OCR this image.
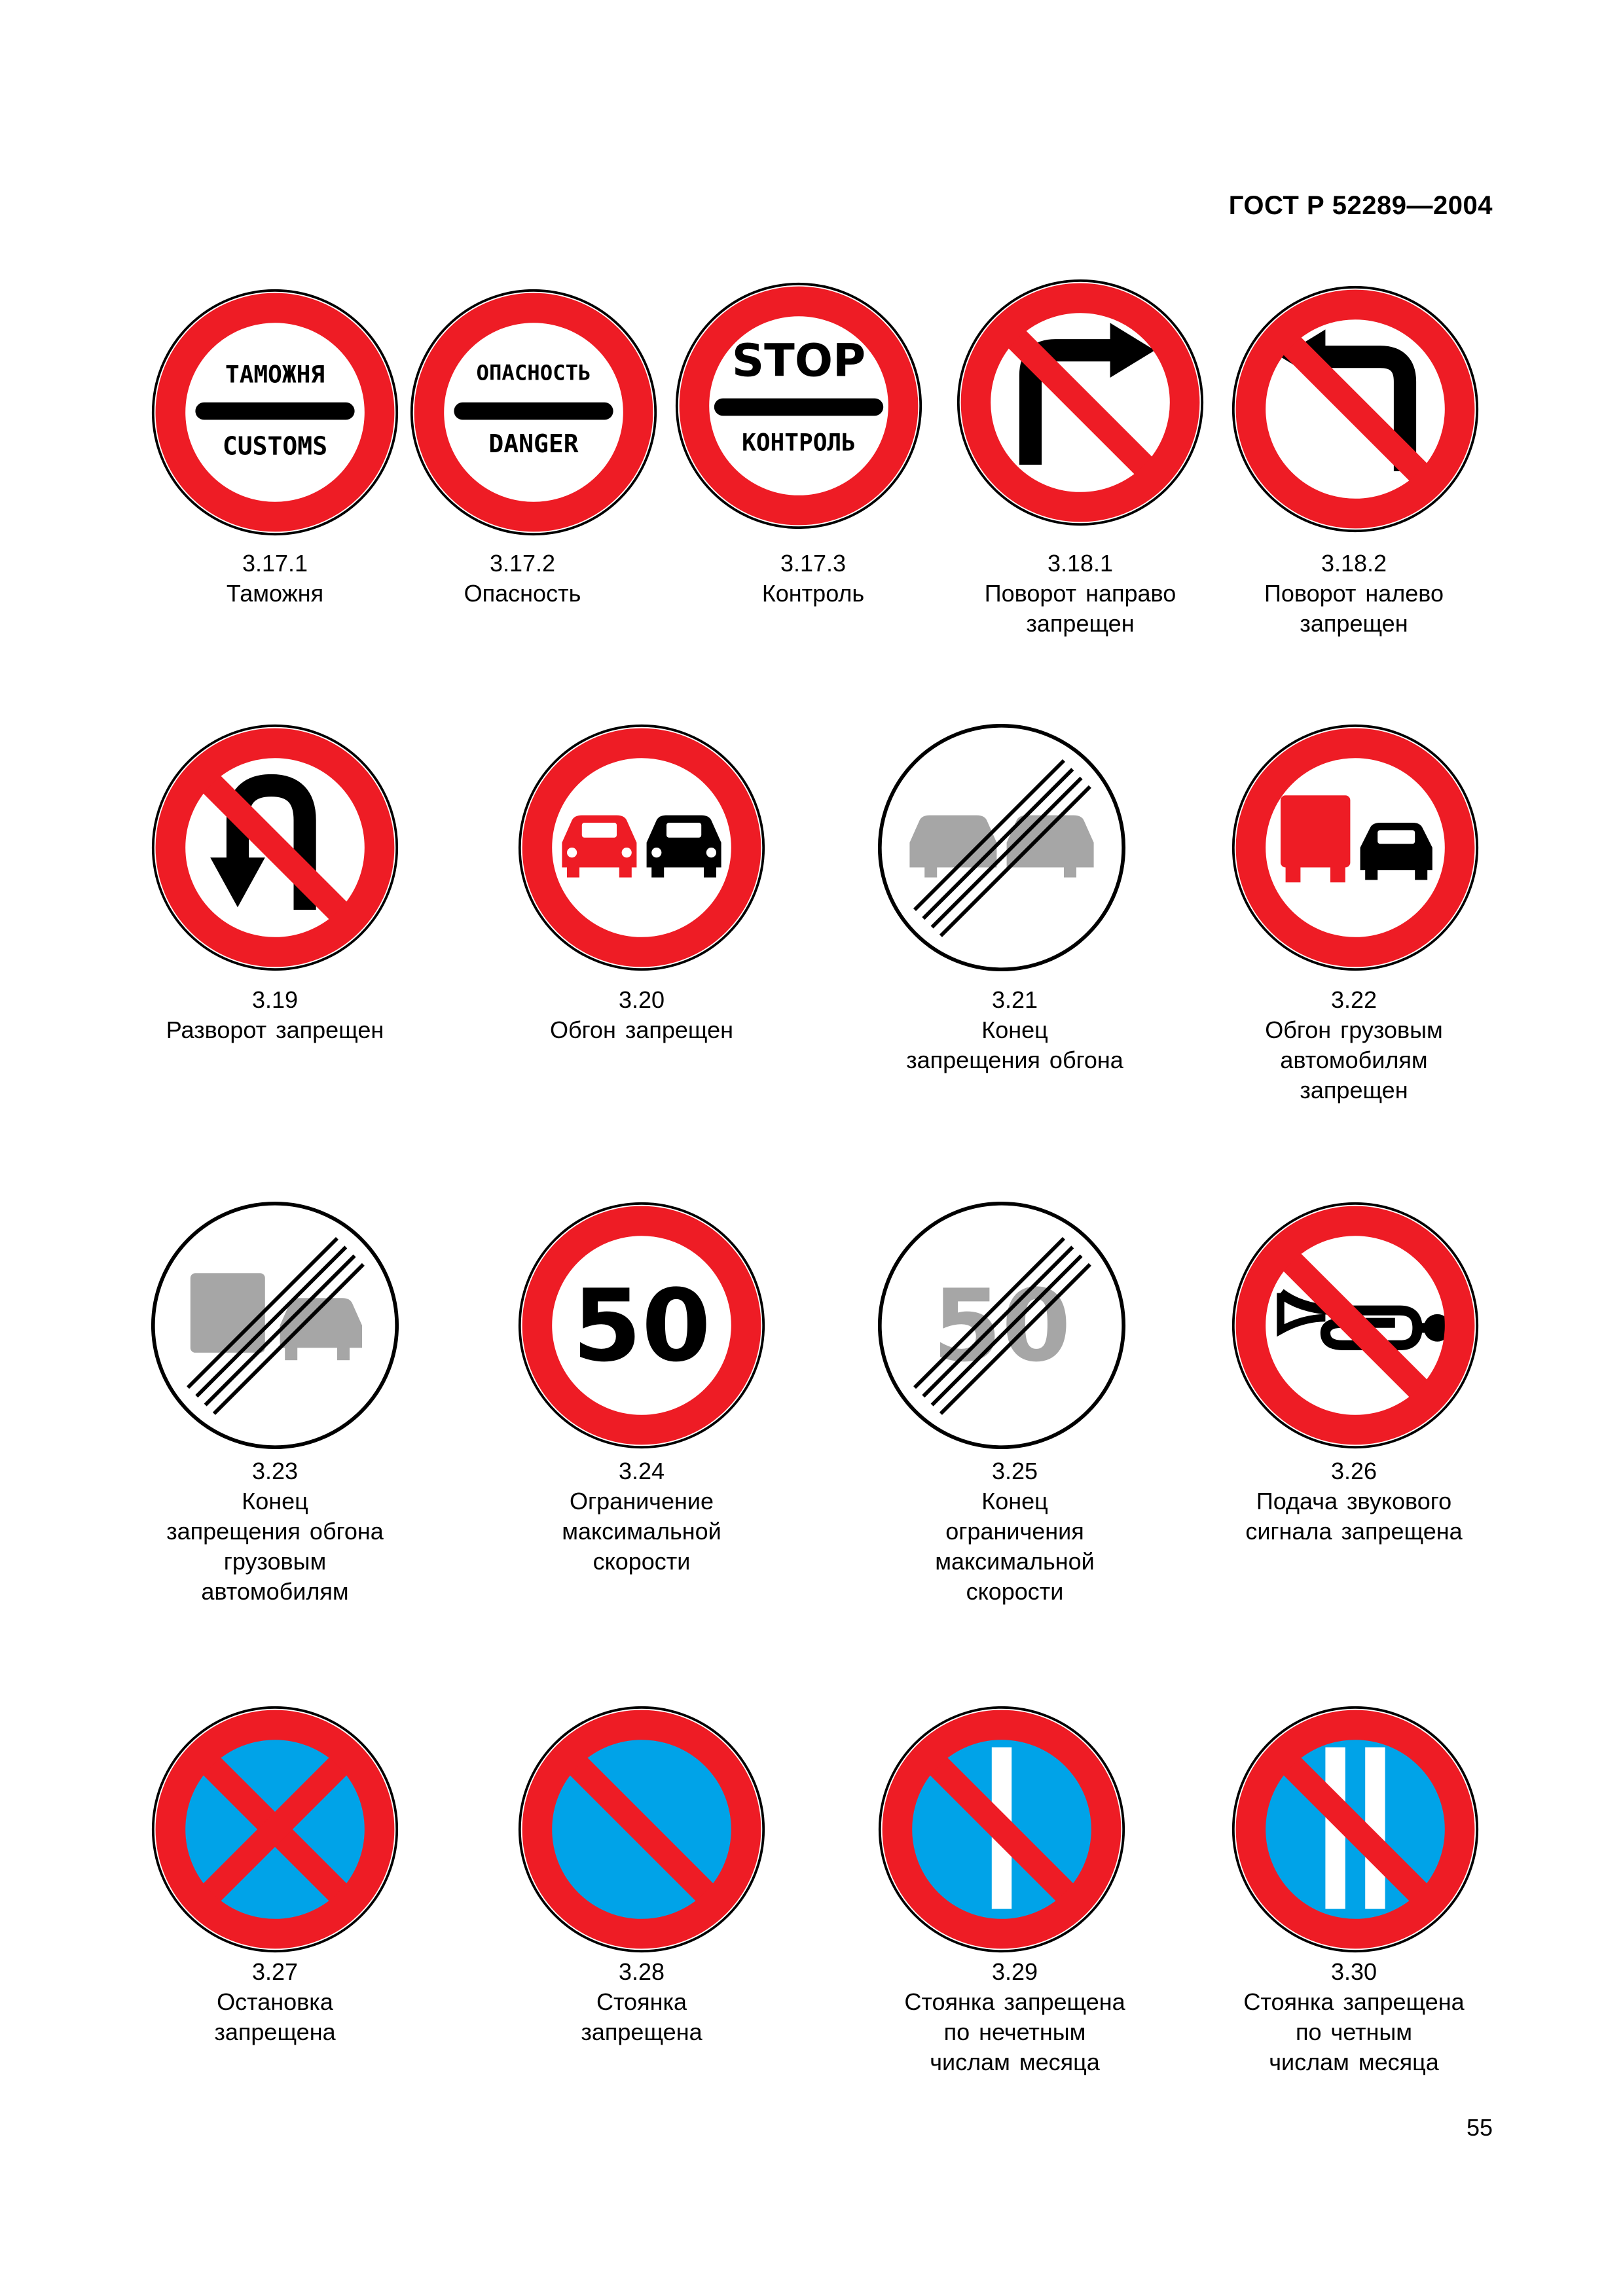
ГОСТ Р 52289—2004
ТАМОЖНЯ
CUSTOMS
3.17.1
Таможня
ОПАСНОСТЬ
DANGER
3.17.2
Опасность
STOP
КОНТРОЛЬ
3.17.3
Контроль
3.18.1
Поворот направо
запрещен
3.18.2
Поворот налево
запрещен
3.19
Разворот запрещен
3.20
Обгон запрещен
3.21
Конец
запрещения обгона
3.22
Обгон грузовым
автомобилям
запрещен
3.23
Конец
запрещения обгона
грузовым
автомобилям
50
3.24
Ограничение
максимальной
скорости
50
3.25
Конец
ограничения
максимальной
скорости
3.26
Подача звукового
сигнала запрещена
3.27
Остановка
запрещена
3.28
Стоянка
запрещена
3.29
Стоянка запрещена
по нечетным
числам месяца
3.30
Стоянка запрещена
по четным
числам месяца
55
